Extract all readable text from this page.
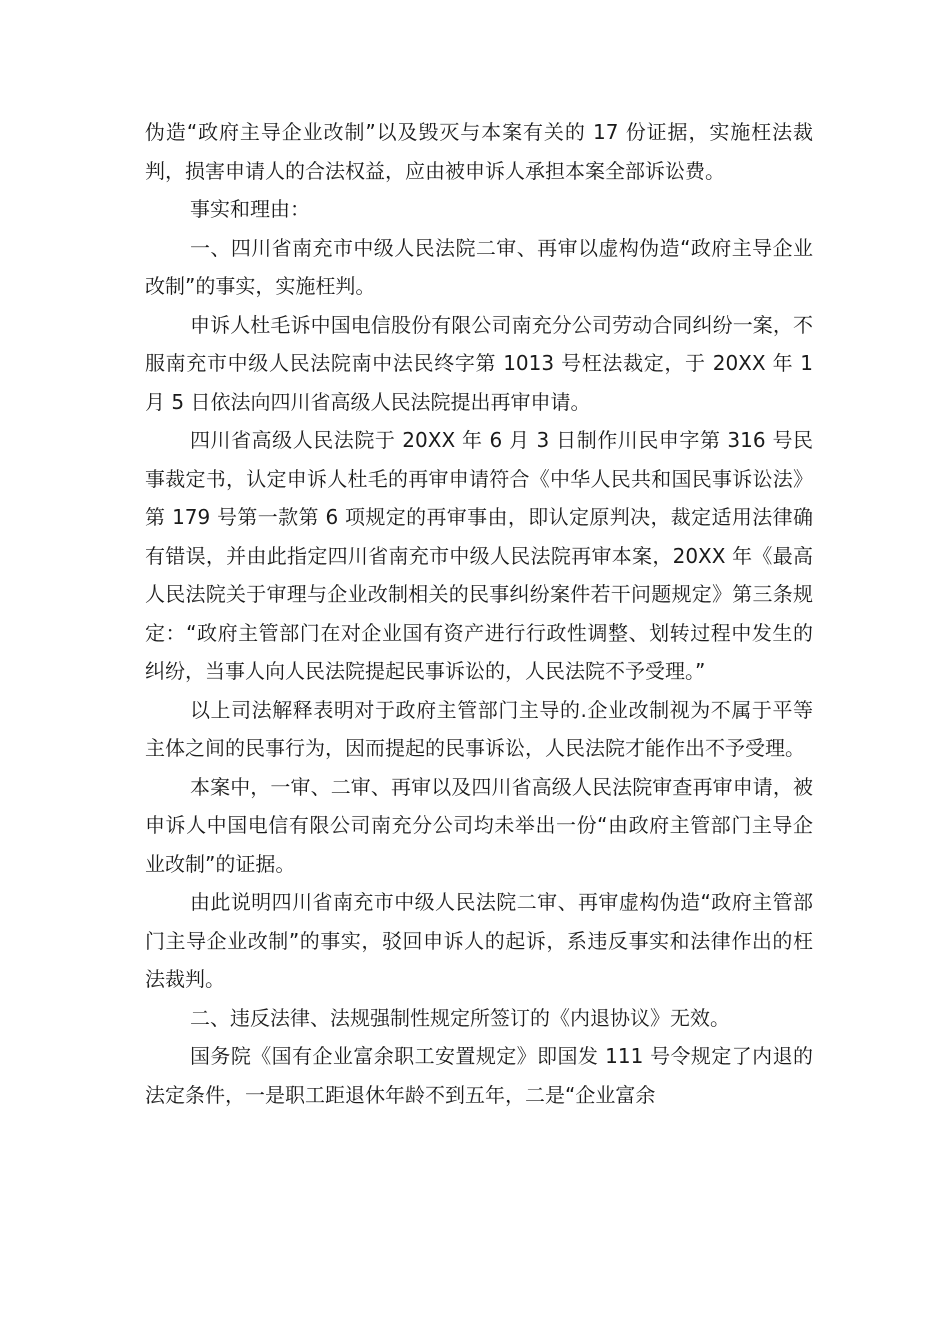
伪造“政府主导企业改制”以及毁灭与本案有关的 17 份证据，实施枉法裁判，损害申请人的合法权益，应由被申诉人承担本案全部诉讼费。

事实和理由：

一、四川省南充市中级人民法院二审、再审以虚构伪造“政府主导企业改制”的事实，实施枉判。

申诉人杜毛诉中国电信股份有限公司南充分公司劳动合同纠纷一案，不服南充市中级人民法院南中法民终字第 1013 号枉法裁定，于 20XX 年 1 月 5 日依法向四川省高级人民法院提出再审申请。

四川省高级人民法院于 20XX 年 6 月 3 日制作川民申字第 316 号民事裁定书，认定申诉人杜毛的再审申请符合《中华人民共和国民事诉讼法》第 179 号第一款第 6 项规定的再审事由，即认定原判决，裁定适用法律确有错误，并由此指定四川省南充市中级人民法院再审本案，20XX 年《最高人民法院关于审理与企业改制相关的民事纠纷案件若干问题规定》第三条规定：“政府主管部门在对企业国有资产进行行政性调整、划转过程中发生的纠纷，当事人向人民法院提起民事诉讼的，人民法院不予受理。”

以上司法解释表明对于政府主管部门主导的.企业改制视为不属于平等主体之间的民事行为，因而提起的民事诉讼，人民法院才能作出不予受理。

本案中，一审、二审、再审以及四川省高级人民法院审查再审申请，被申诉人中国电信有限公司南充分公司均未举出一份“由政府主管部门主导企业改制”的证据。

由此说明四川省南充市中级人民法院二审、再审虚构伪造“政府主管部门主导企业改制”的事实，驳回申诉人的起诉，系违反事实和法律作出的枉法裁判。

二、违反法律、法规强制性规定所签订的《内退协议》无效。

国务院《国有企业富余职工安置规定》即国发 111 号令规定了内退的法定条件，一是职工距退休年龄不到五年，二是“企业富余
